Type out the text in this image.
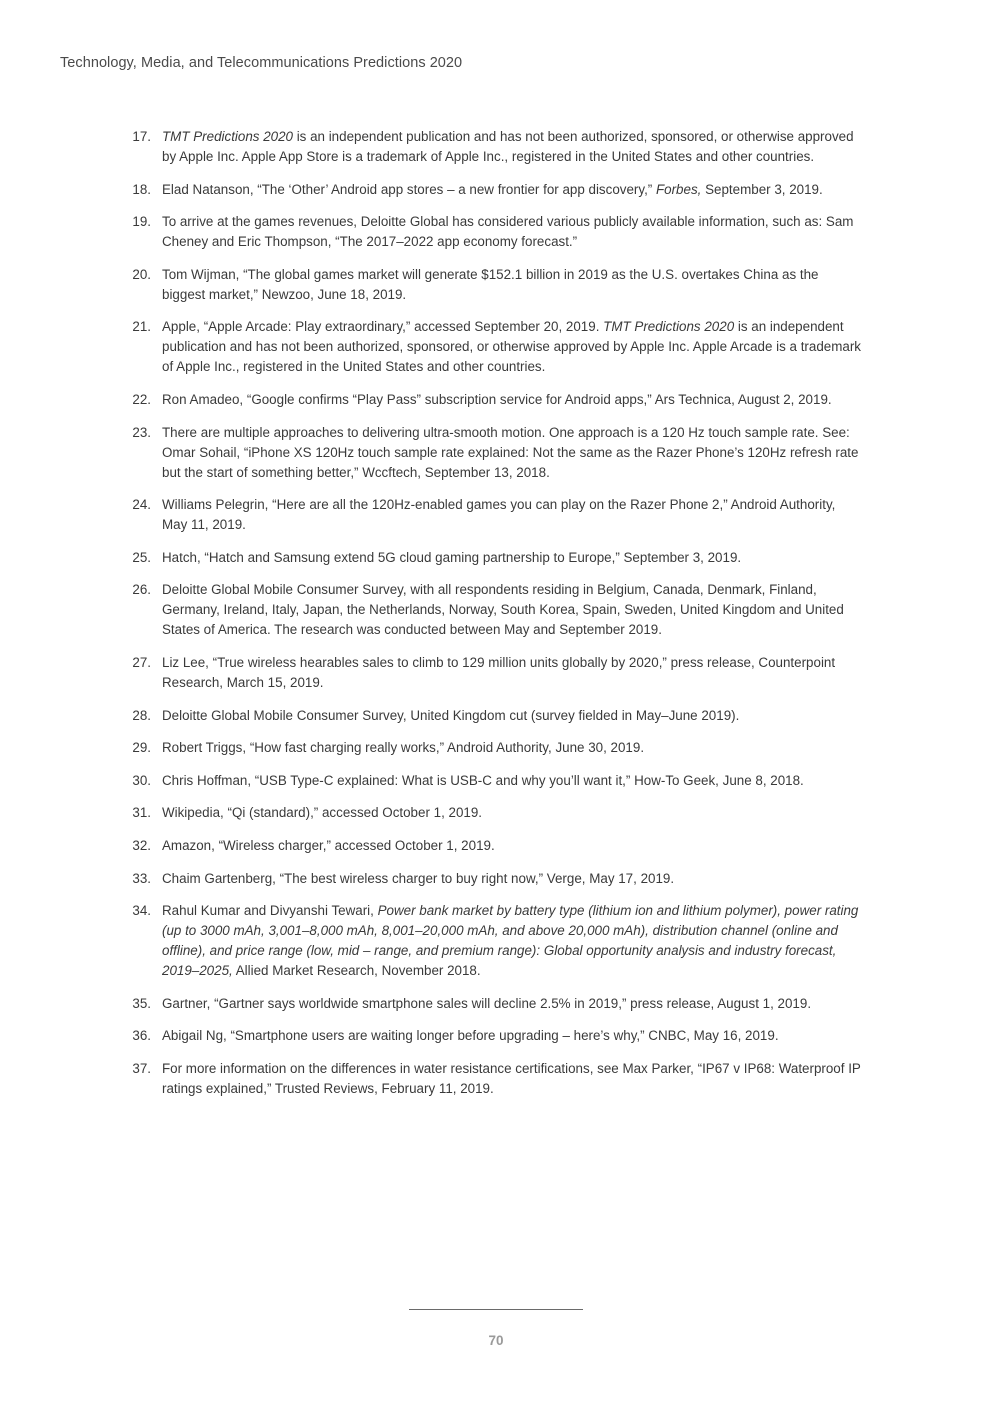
Technology, Media, and Telecommunications Predictions 2020
17. TMT Predictions 2020 is an independent publication and has not been authorized, sponsored, or otherwise approved by Apple Inc. Apple App Store is a trademark of Apple Inc., registered in the United States and other countries.
18. Elad Natanson, “The ‘Other’ Android app stores – a new frontier for app discovery,” Forbes, September 3, 2019.
19. To arrive at the games revenues, Deloitte Global has considered various publicly available information, such as: Sam Cheney and Eric Thompson, “The 2017–2022 app economy forecast.”
20. Tom Wijman, “The global games market will generate $152.1 billion in 2019 as the U.S. overtakes China as the biggest market,” Newzoo, June 18, 2019.
21. Apple, “Apple Arcade: Play extraordinary,” accessed September 20, 2019. TMT Predictions 2020 is an independent publication and has not been authorized, sponsored, or otherwise approved by Apple Inc. Apple Arcade is a trademark of Apple Inc., registered in the United States and other countries.
22. Ron Amadeo, “Google confirms “Play Pass” subscription service for Android apps,” Ars Technica, August 2, 2019.
23. There are multiple approaches to delivering ultra-smooth motion. One approach is a 120 Hz touch sample rate. See: Omar Sohail, “iPhone XS 120Hz touch sample rate explained: Not the same as the Razer Phone’s 120Hz refresh rate but the start of something better,” Wccftech, September 13, 2018.
24. Williams Pelegrin, “Here are all the 120Hz-enabled games you can play on the Razer Phone 2,” Android Authority, May 11, 2019.
25. Hatch, “Hatch and Samsung extend 5G cloud gaming partnership to Europe,” September 3, 2019.
26. Deloitte Global Mobile Consumer Survey, with all respondents residing in Belgium, Canada, Denmark, Finland, Germany, Ireland, Italy, Japan, the Netherlands, Norway, South Korea, Spain, Sweden, United Kingdom and United States of America. The research was conducted between May and September 2019.
27. Liz Lee, “True wireless hearables sales to climb to 129 million units globally by 2020,” press release, Counterpoint Research, March 15, 2019.
28. Deloitte Global Mobile Consumer Survey, United Kingdom cut (survey fielded in May–June 2019).
29. Robert Triggs, “How fast charging really works,” Android Authority, June 30, 2019.
30. Chris Hoffman, “USB Type-C explained: What is USB-C and why you’ll want it,” How-To Geek, June 8, 2018.
31. Wikipedia, “Qi (standard),” accessed October 1, 2019.
32. Amazon, “Wireless charger,” accessed October 1, 2019.
33. Chaim Gartenberg, “The best wireless charger to buy right now,” Verge, May 17, 2019.
34. Rahul Kumar and Divyanshi Tewari, Power bank market by battery type (lithium ion and lithium polymer), power rating (up to 3000 mAh, 3,001–8,000 mAh, 8,001–20,000 mAh, and above 20,000 mAh), distribution channel (online and offline), and price range (low, mid – range, and premium range): Global opportunity analysis and industry forecast, 2019–2025, Allied Market Research, November 2018.
35. Gartner, “Gartner says worldwide smartphone sales will decline 2.5% in 2019,” press release, August 1, 2019.
36. Abigail Ng, “Smartphone users are waiting longer before upgrading – here’s why,” CNBC, May 16, 2019.
37. For more information on the differences in water resistance certifications, see Max Parker, “IP67 v IP68: Waterproof IP ratings explained,” Trusted Reviews, February 11, 2019.
70
